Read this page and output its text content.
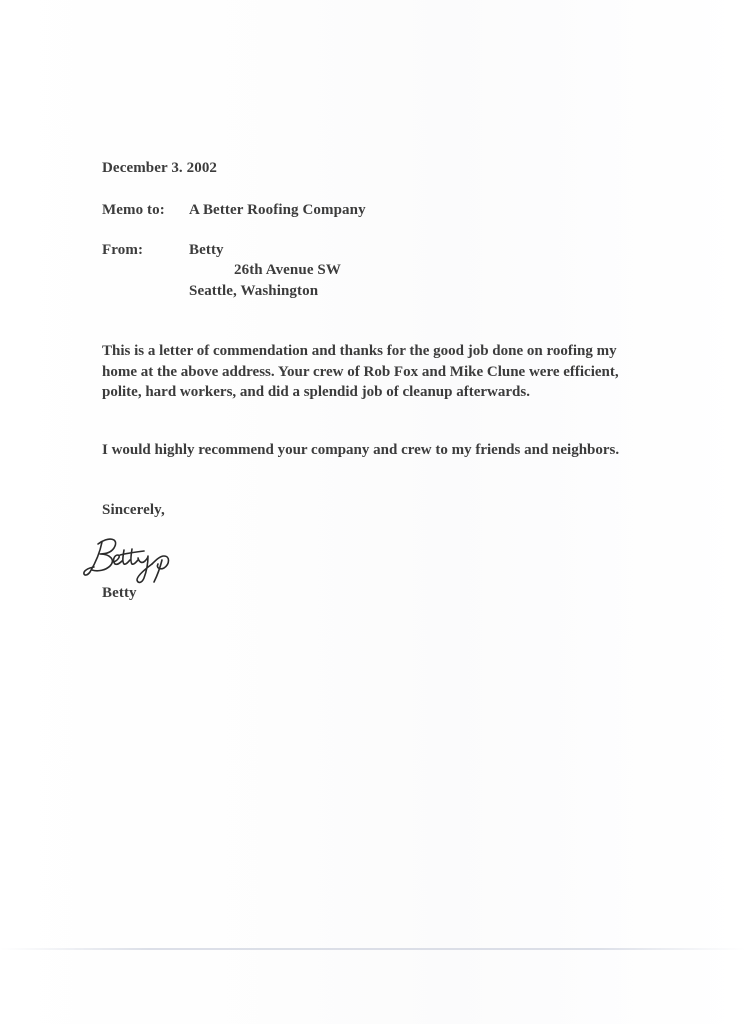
December 3. 2002
Memo to: A Better Roofing Company
From:	Betty
26th Avenue SW
Seattle, Washington
This is a letter of commendation and thanks for the good job done on roofing my home at the above address. Your crew of Rob Fox and Mike Clune were efficient, polite, hard workers, and did a splendid job of cleanup afterwards.
I would highly recommend your company and crew to my friends and neighbors.
Sincerely,
Betty
